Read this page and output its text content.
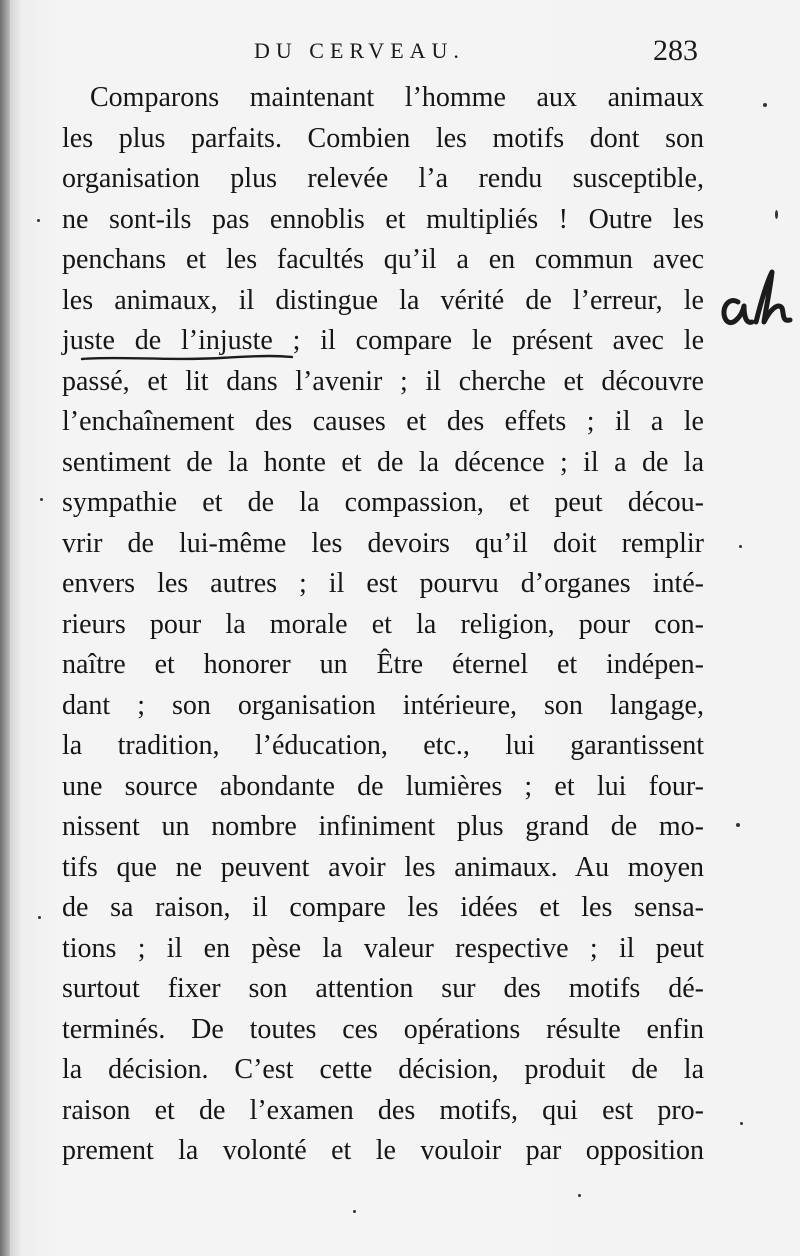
DU CERVEAU.	283
Comparons maintenant l’homme aux animaux
les plus parfaits. Combien les motifs dont son
organisation plus relevée l’a rendu susceptible,
ne sont-ils pas ennoblis et multipliés ! Outre les
penchans et les facultés qu’il a en commun avec
les animaux, il distingue la vérité de l’erreur, le
juste de l’injuste ; il compare le présent avec le
passé, et lit dans l’avenir ; il cherche et découvre
l’enchaînement des causes et des effets ; il a le
sentiment de la honte et de la décence ; il a de la
sympathie et de la compassion, et peut décou-
vrir de lui-même les devoirs qu’il doit remplir
envers les autres ; il est pourvu d’organes inté-
rieurs pour la morale et la religion, pour con-
naître et honorer un Être éternel et indépen-
dant ; son organisation intérieure, son langage,
la tradition, l’éducation, etc., lui garantissent
une source abondante de lumières ; et lui four-
nissent un nombre infiniment plus grand de mo-
tifs que ne peuvent avoir les animaux. Au moyen
de sa raison, il compare les idées et les sensa-
tions ; il en pèse la valeur respective ; il peut
surtout fixer son attention sur des motifs dé-
terminés. De toutes ces opérations résulte enfin
la décision. C’est cette décision, produit de la
raison et de l’examen des motifs, qui est pro-
prement la volonté et le vouloir par opposition
